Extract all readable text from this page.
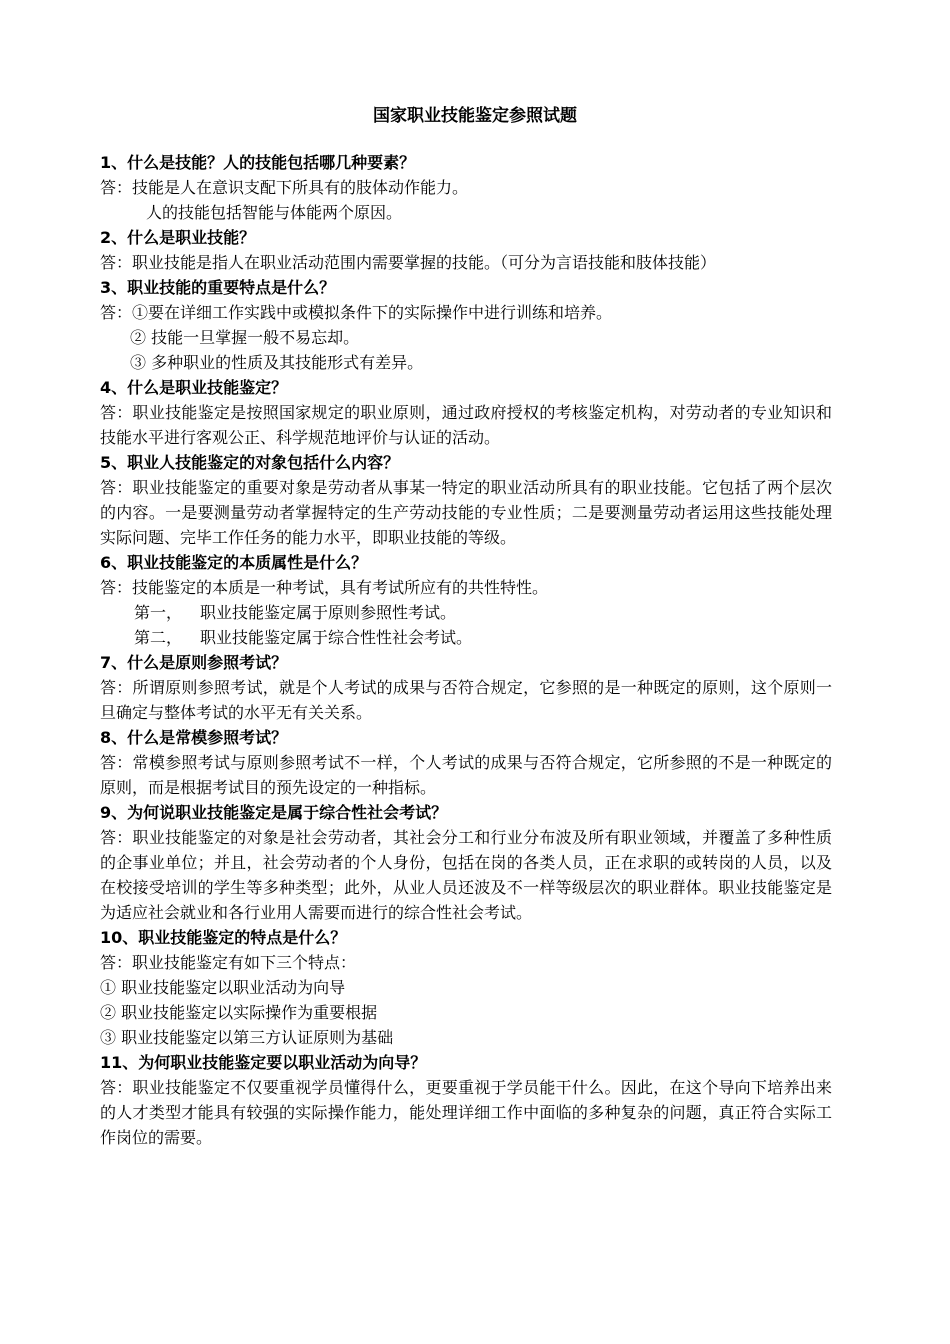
国家职业技能鉴定参照试题
1、什么是技能？人的技能包括哪几种要素？

答：技能是人在意识支配下所具有的肢体动作能力。

人的技能包括智能与体能两个原因。

2、什么是职业技能？

答：职业技能是指人在职业活动范围内需要掌握的技能。（可分为言语技能和肢体技能）

3、职业技能的重要特点是什么？

答：①要在详细工作实践中或模拟条件下的实际操作中进行训练和培养。

② 技能一旦掌握一般不易忘却。

③ 多种职业的性质及其技能形式有差异。

4、什么是职业技能鉴定？

答：职业技能鉴定是按照国家规定的职业原则，通过政府授权的考核鉴定机构，对劳动者的专业知识和技能水平进行客观公正、科学规范地评价与认证的活动。

5、职业人技能鉴定的对象包括什么内容？

答：职业技能鉴定的重要对象是劳动者从事某一特定的职业活动所具有的职业技能。它包括了两个层次的内容。一是要测量劳动者掌握特定的生产劳动技能的专业性质；二是要测量劳动者运用这些技能处理实际问题、完毕工作任务的能力水平，即职业技能的等级。

6、职业技能鉴定的本质属性是什么？

答：技能鉴定的本质是一种考试，具有考试所应有的共性特性。

第一， 职业技能鉴定属于原则参照性考试。

第二， 职业技能鉴定属于综合性性社会考试。

7、什么是原则参照考试？

答：所谓原则参照考试，就是个人考试的成果与否符合规定，它参照的是一种既定的原则，这个原则一旦确定与整体考试的水平无有关关系。

8、什么是常模参照考试？

答：常模参照考试与原则参照考试不一样，个人考试的成果与否符合规定，它所参照的不是一种既定的原则，而是根据考试目的预先设定的一种指标。

9、为何说职业技能鉴定是属于综合性社会考试？

答：职业技能鉴定的对象是社会劳动者，其社会分工和行业分布波及所有职业领域，并覆盖了多种性质的企事业单位；并且，社会劳动者的个人身份，包括在岗的各类人员，正在求职的或转岗的人员，以及在校接受培训的学生等多种类型；此外，从业人员还波及不一样等级层次的职业群体。职业技能鉴定是为适应社会就业和各行业用人需要而进行的综合性社会考试。

10、职业技能鉴定的特点是什么？

答：职业技能鉴定有如下三个特点：

① 职业技能鉴定以职业活动为向导

② 职业技能鉴定以实际操作为重要根据

③ 职业技能鉴定以第三方认证原则为基础

11、为何职业技能鉴定要以职业活动为向导？

答：职业技能鉴定不仅要重视学员懂得什么，更要重视于学员能干什么。因此，在这个导向下培养出来的人才类型才能具有较强的实际操作能力，能处理详细工作中面临的多种复杂的问题，真正符合实际工作岗位的需要。
